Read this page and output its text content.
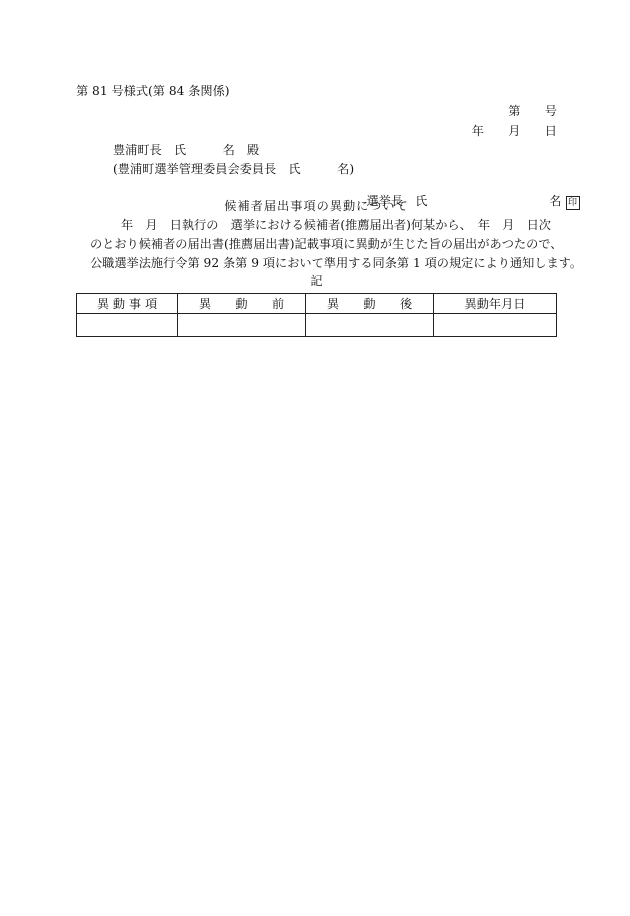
第 81 号様式(第 84 条関係)
第　　号
年　　月　　日
豊浦町長　氏　　　名　殿
(豊浦町選挙管理委員会委員長　氏　　　名)

選挙長　氏　　　　　　　　　　名 印

候補者届出事項の異動について
年　月　日執行の　選挙における候補者(推薦届出者)何某から、　年　月　日次
のとおり候補者の届出書(推薦届出書)記載事項に異動が生じた旨の届出があつたので、
公職選挙法施行令第 92 条第 9 項において準用する同条第 1 項の規定により通知します。
記
異 動 事 項	異　　動　　前	異　　動　　後	異動年月日
